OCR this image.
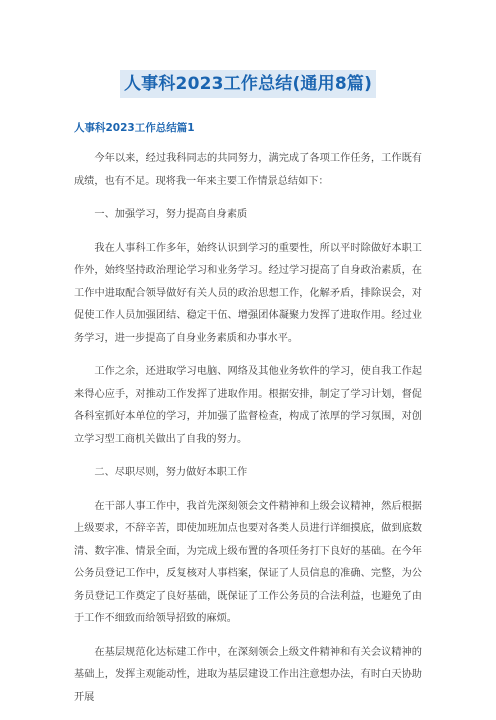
人事科2023工作总结(通用8篇)
人事科2023工作总结篇1

今年以来，经过我科同志的共同努力，满完成了各项工作任务，工作既有成绩，也有不足。现将我一年来主要工作情景总结如下：

一、加强学习，努力提高自身素质

我在人事科工作多年，始终认识到学习的重要性，所以平时除做好本职工作外，始终坚持政治理论学习和业务学习。经过学习提高了自身政治素质，在工作中进取配合领导做好有关人员的政治思想工作，化解矛盾，排除误会，对促使工作人员加强团结、稳定干伍、增强团体凝聚力发挥了进取作用。经过业务学习，进一步提高了自身业务素质和办事水平。

工作之余，还进取学习电脑、网络及其他业务软件的学习，使自我工作起来得心应手，对推动工作发挥了进取作用。根据安排，制定了学习计划，督促各科室抓好本单位的学习，并加强了监督检查，构成了浓厚的学习氛围，对创立学习型工商机关做出了自我的努力。

二、尽职尽则，努力做好本职工作

在干部人事工作中，我首先深刻领会文件精神和上级会议精神，然后根据上级要求，不辞辛苦，即使加班加点也要对各类人员进行详细摸底，做到底数清、数字准、情景全面，为完成上级布置的各项任务打下良好的基础。在今年公务员登记工作中，反复核对人事档案，保证了人员信息的准确、完整，为公务员登记工作奠定了良好基础，既保证了工作公务员的合法利益，也避免了由于工作不细致而给领导招致的麻烦。

在基层规范化达标建工作中，在深刻领会上级文件精神和有关会议精神的基础上，发挥主观能动性，进取为基层建设工作出注意想办法，有时白天协助开展
